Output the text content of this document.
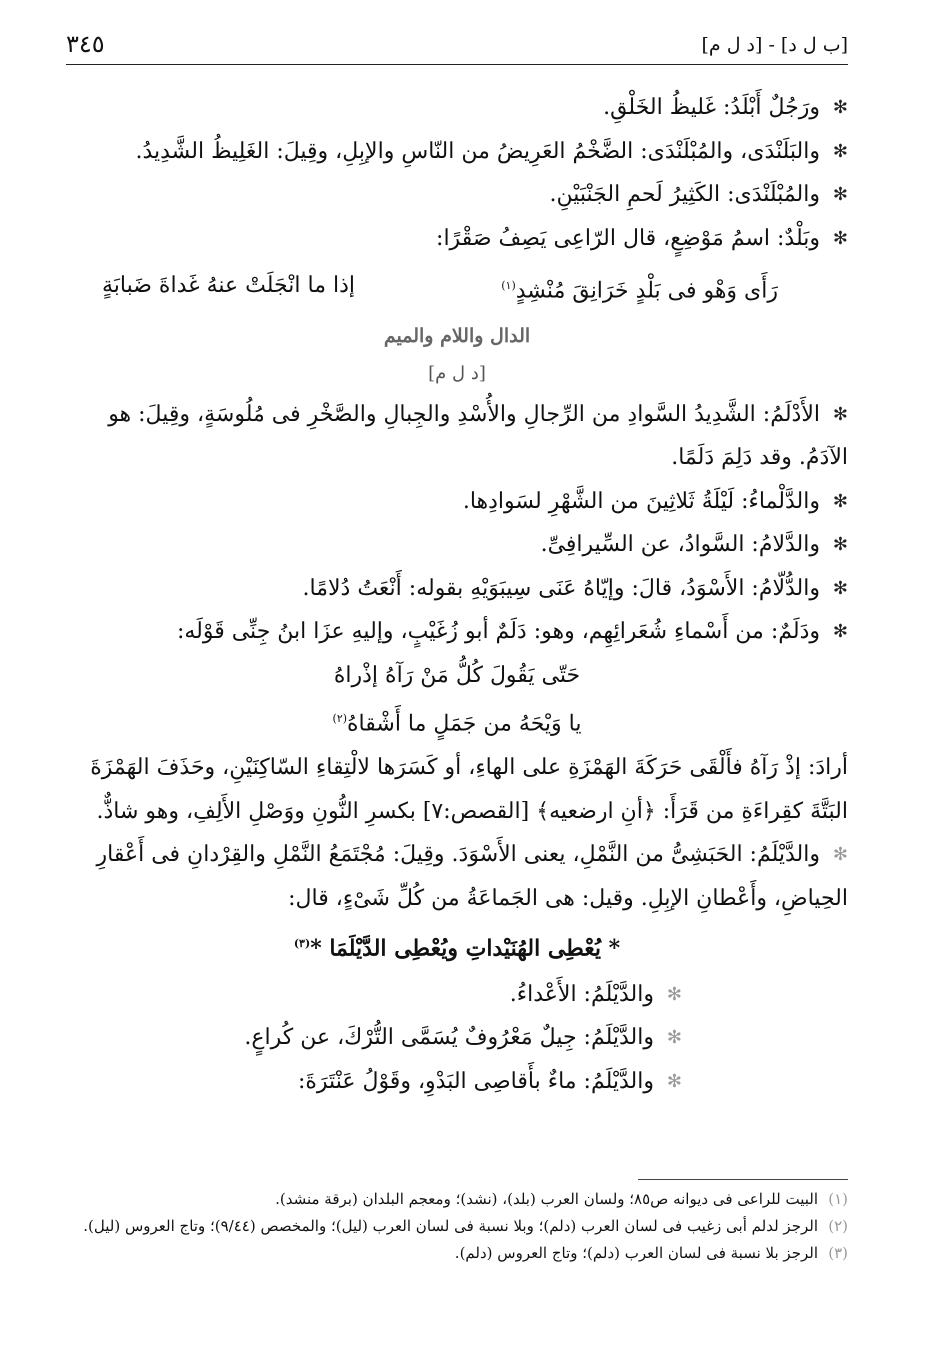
[ب ل د] - [د ل م]
٣٤٥

✻
ورَجُلٌ أَبْلَدُ: غَليظُ الخَلْقِ.

✻
والبَلَنْدَى، والمُبْلَنْدَى: الضَّخْمُ العَرِيضُ من النّاسِ والإبِلِ، وقِيلَ: الغَلِيظُ الشَّدِيدُ.

✻
والمُبْلَنْدَى: الكَثِيرُ لَحمِ الجَنْبَيْنِ.

✻
وبَلْدٌ: اسمُ مَوْضِعٍ، قال الرّاعِى يَصِفُ صَقْرًا:

رَأَى وَهْو فى بَلْدٍ خَرَانِقَ مُنْشِدٍ$^{(١)}$
إذا ما انْجَلَتْ عنهُ غَداةَ ضَبابَةٍ
الدال واللام والميم
[د ل م]

✻
الأَدْلَمُ: الشَّدِيدُ السَّوادِ من الرِّجالِ والأُسْدِ والجِبالِ والصَّخْرِ فى مُلُوسَةٍ، وقِيلَ: هو

الآدَمُ. وقد دَلِمَ دَلَمًا.

✻
والدَّلْماءُ: لَيْلَةُ ثَلاثِينَ من الشَّهْرِ لسَوادِها.

✻
والدَّلامُ: السَّوادُ، عن السِّيرافِىِّ.

✻
والدُّلّامُ: الأَسْوَدُ، قالَ: وإيّاهُ عَنَى سِيبَوَيْهِ بقوله: أَنْعَتُ دُلامًا.

✻
ودَلَمٌ: من أَسْماءِ شُعَرائِهِم، وهو: دَلَمٌ أبو زُغَيْبٍ، وإليهِ عزَا ابنُ جِنِّى قَوْلَه:

حَتّى يَقُولَ كُلُّ مَنْ رَآهُ إذْراهُ
يا وَيْحَهُ من جَمَلٍ ما أَشْقاهُ$^{(٢)}$

أرادَ: إذْ رَآهُ فأَلْقَى حَرَكَةَ الهَمْزَةِ على الهاءِ، أو كَسَرَها لالْتِقاءِ السّاكِنَيْنِ، وحَذَفَ الهَمْزَةَ

البَتَّةَ كقِراءَةِ من قَرَأَ: ﴿أنِ ارضعيه﴾ [القصص:٧] بكسرِ النُّونِ ووَصْلِ الأَلِفِ، وهو شاذٌّ.

✻
والدَّيْلَمُ: الحَبَشِىُّ من النَّمْلِ، يعنى الأَسْوَدَ. وقِيلَ: مُجْتَمَعُ النَّمْلِ والقِرْدانِ فى أَعْقارِ

الحِياضِ، وأَعْطانِ الإبِلِ. وقيل: هى الجَماعَةُ من كُلِّ شَىْءٍ، قال:

* يُعْطِى الهُنَيْداتِ ويُعْطِى الدَّيْلَمَا *$^{(٣)}$

✻
والدَّيْلَمُ: الأَعْداءُ.

✻
والدَّيْلَمُ: جِيلٌ مَعْرُوفٌ يُسَمَّى التُّرْكَ، عن كُراعٍ.

✻
والدَّيْلَمُ: ماءٌ بأَقاصِى البَدْوِ، وقَوْلُ عَنْتَرَةَ:

(١)
البيت للراعى فى ديوانه ص٨٥؛ ولسان العرب (بلد)، (نشد)؛ ومعجم البلدان (برقة منشد).

(٢)
الرجز لدلم أبى زغيب فى لسان العرب (دلم)؛ وبلا نسبة فى لسان العرب (ليل)؛ والمخصص (٩/٤٤)؛ وتاج العروس (ليل).

(٣)
الرجز بلا نسبة فى لسان العرب (دلم)؛ وتاج العروس (دلم).
